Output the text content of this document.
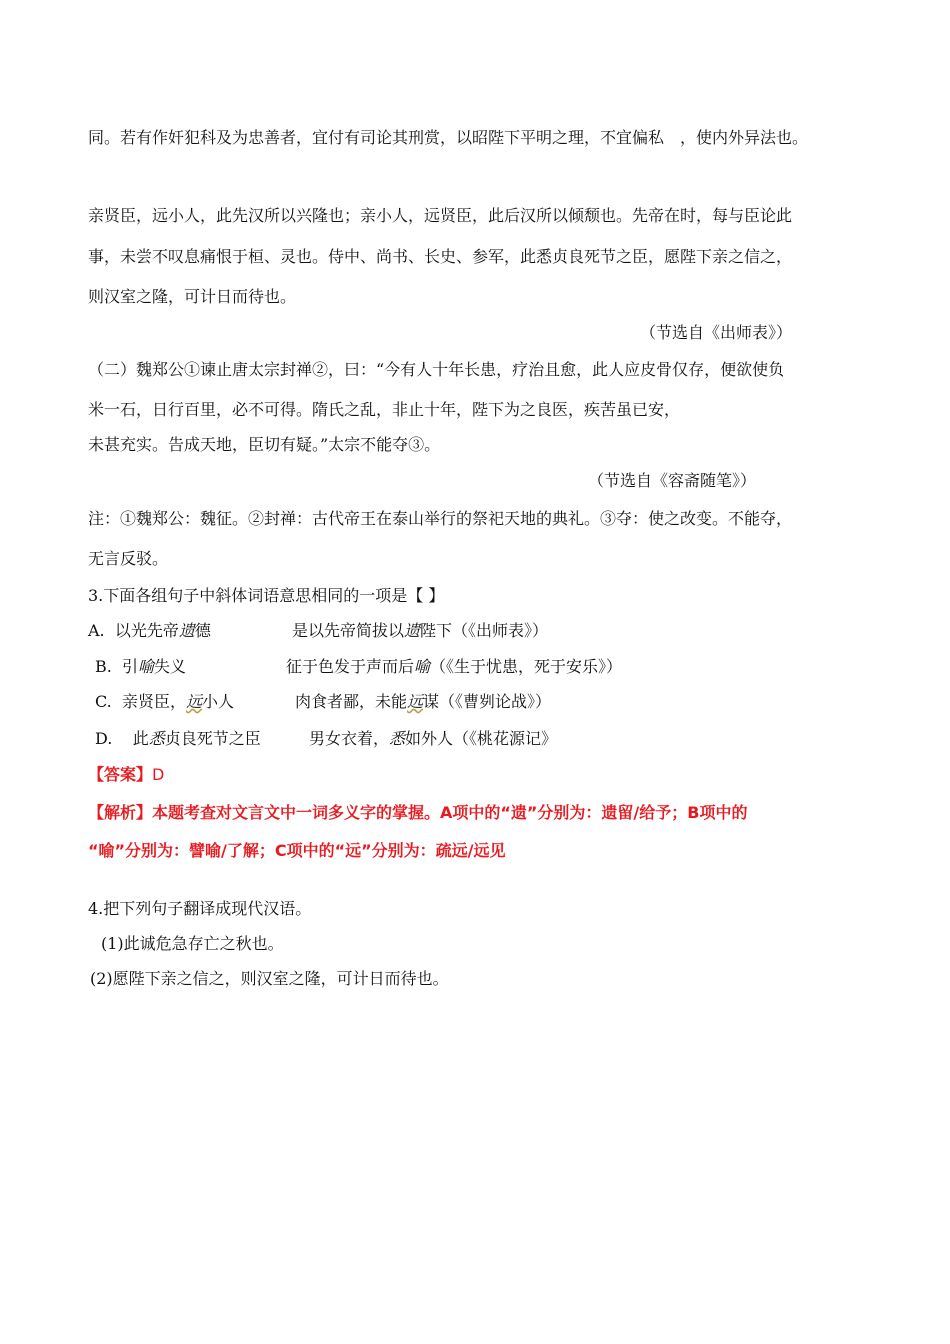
同。若有作奸犯科及为忠善者，宜付有司论其刑赏，以昭陛下平明之理，不宜偏私　，使内外异法也。
亲贤臣，远小人，此先汉所以兴隆也；亲小人，远贤臣，此后汉所以倾颓也。先帝在时，每与臣论此
事，未尝不叹息痛恨于桓、灵也。侍中、尚书、长史、参军，此悉贞良死节之臣，愿陛下亲之信之，
则汉室之隆，可计日而待也。
（节选自《出师表》）
（二）魏郑公①谏止唐太宗封禅②，曰：“今有人十年长患，疗治且愈，此人应皮骨仅存，便欲使负
米一石，日行百里，必不可得。隋氏之乱，非止十年，陛下为之良医，疾苦虽已安，
未甚充实。告成天地，臣切有疑。”太宗不能夺③。
（节选自《容斋随笔》）
注：①魏郑公：魏征。②封禅：古代帝王在泰山举行的祭祀天地的典礼。③夺：使之改变。不能夺，
无言反驳。
3.下面各组句子中斜体词语意思相同的一项是【 】
A. 以光先帝遗德	是以先帝简拔以遗陛下（《出师表》）
B. 引喻失义	征于色发于声而后喻（《生于忧患，死于安乐》）
C. 亲贤臣，远小人	肉食者鄙，未能远谋（《曹刿论战》）
D. 此悉贞良死节之臣	男女衣着，悉如外人（《桃花源记》
【答案】D
【解析】本题考查对文言文中一词多义字的掌握。A项中的“遗”分别为：遗留/给予；B项中的
“喻”分别为：譬喻/了解；C项中的“远”分别为：疏远/远见
4.把下列句子翻译成现代汉语。
(1)此诚危急存亡之秋也。
(2)愿陛下亲之信之，则汉室之隆，可计日而待也。
